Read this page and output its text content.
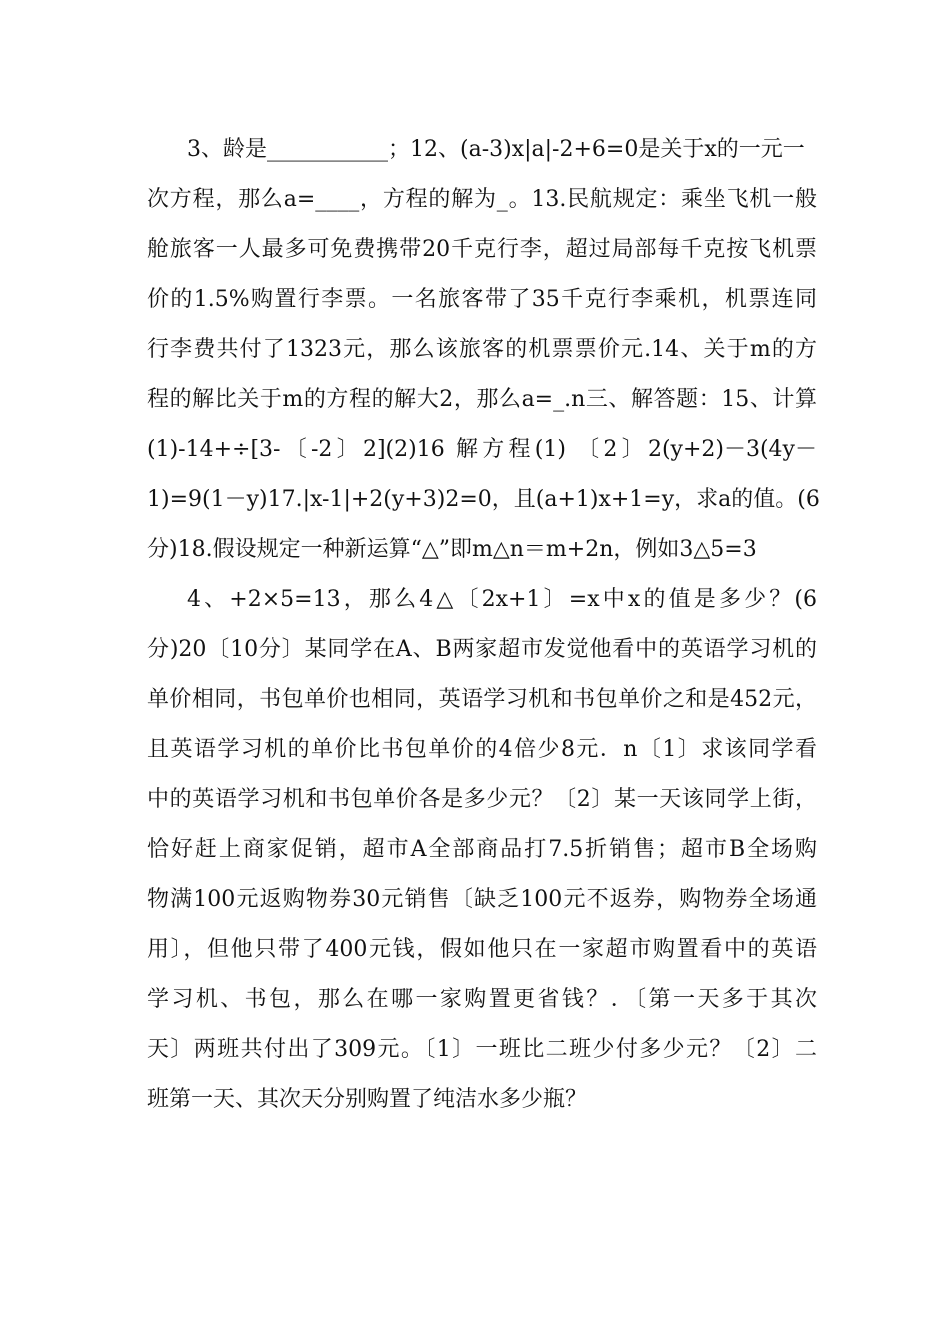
3、龄是___________；12、(a-3)x|a|-2+6=0是关于x的一元一
次方程，那么a=____，方程的解为_。13.民航规定：乘坐飞机一般
舱旅客一人最多可免费携带20千克行李，超过局部每千克按飞机票
价的1.5%购置行李票。一名旅客带了35千克行李乘机，机票连同
行李费共付了1323元，那么该旅客的机票票价元.14、关于m的方
程的解比关于m的方程的解大2，那么a=_.n三、解答题：15、计算
(1)-14+÷[3-〔-2〕2](2)16 解方程(1) 〔2〕2(y+2)－3(4y－
1)=9(1－y)17.|x-1|+2(y+3)2=0，且(a+1)x+1=y，求a的值。(6
分)18.假设规定一种新运算“△”即m△n＝m+2n，例如3△5=3
4、+2×5=13，那么4△〔2x+1〕=x中x的值是多少？(6
分)20〔10分〕某同学在A、B两家超市发觉他看中的英语学习机的
单价相同，书包单价也相同，英语学习机和书包单价之和是452元，
且英语学习机的单价比书包单价的4倍少8元．n〔1〕求该同学看
中的英语学习机和书包单价各是多少元？〔2〕某一天该同学上街，
恰好赶上商家促销，超市A全部商品打7.5折销售；超市B全场购
物满100元返购物券30元销售〔缺乏100元不返券，购物券全场通
用〕，但他只带了400元钱，假如他只在一家超市购置看中的英语
学习机、书包，那么在哪一家购置更省钱？．〔第一天多于其次
天〕两班共付出了309元。〔1〕一班比二班少付多少元？〔2〕二
班第一天、其次天分别购置了纯洁水多少瓶？
